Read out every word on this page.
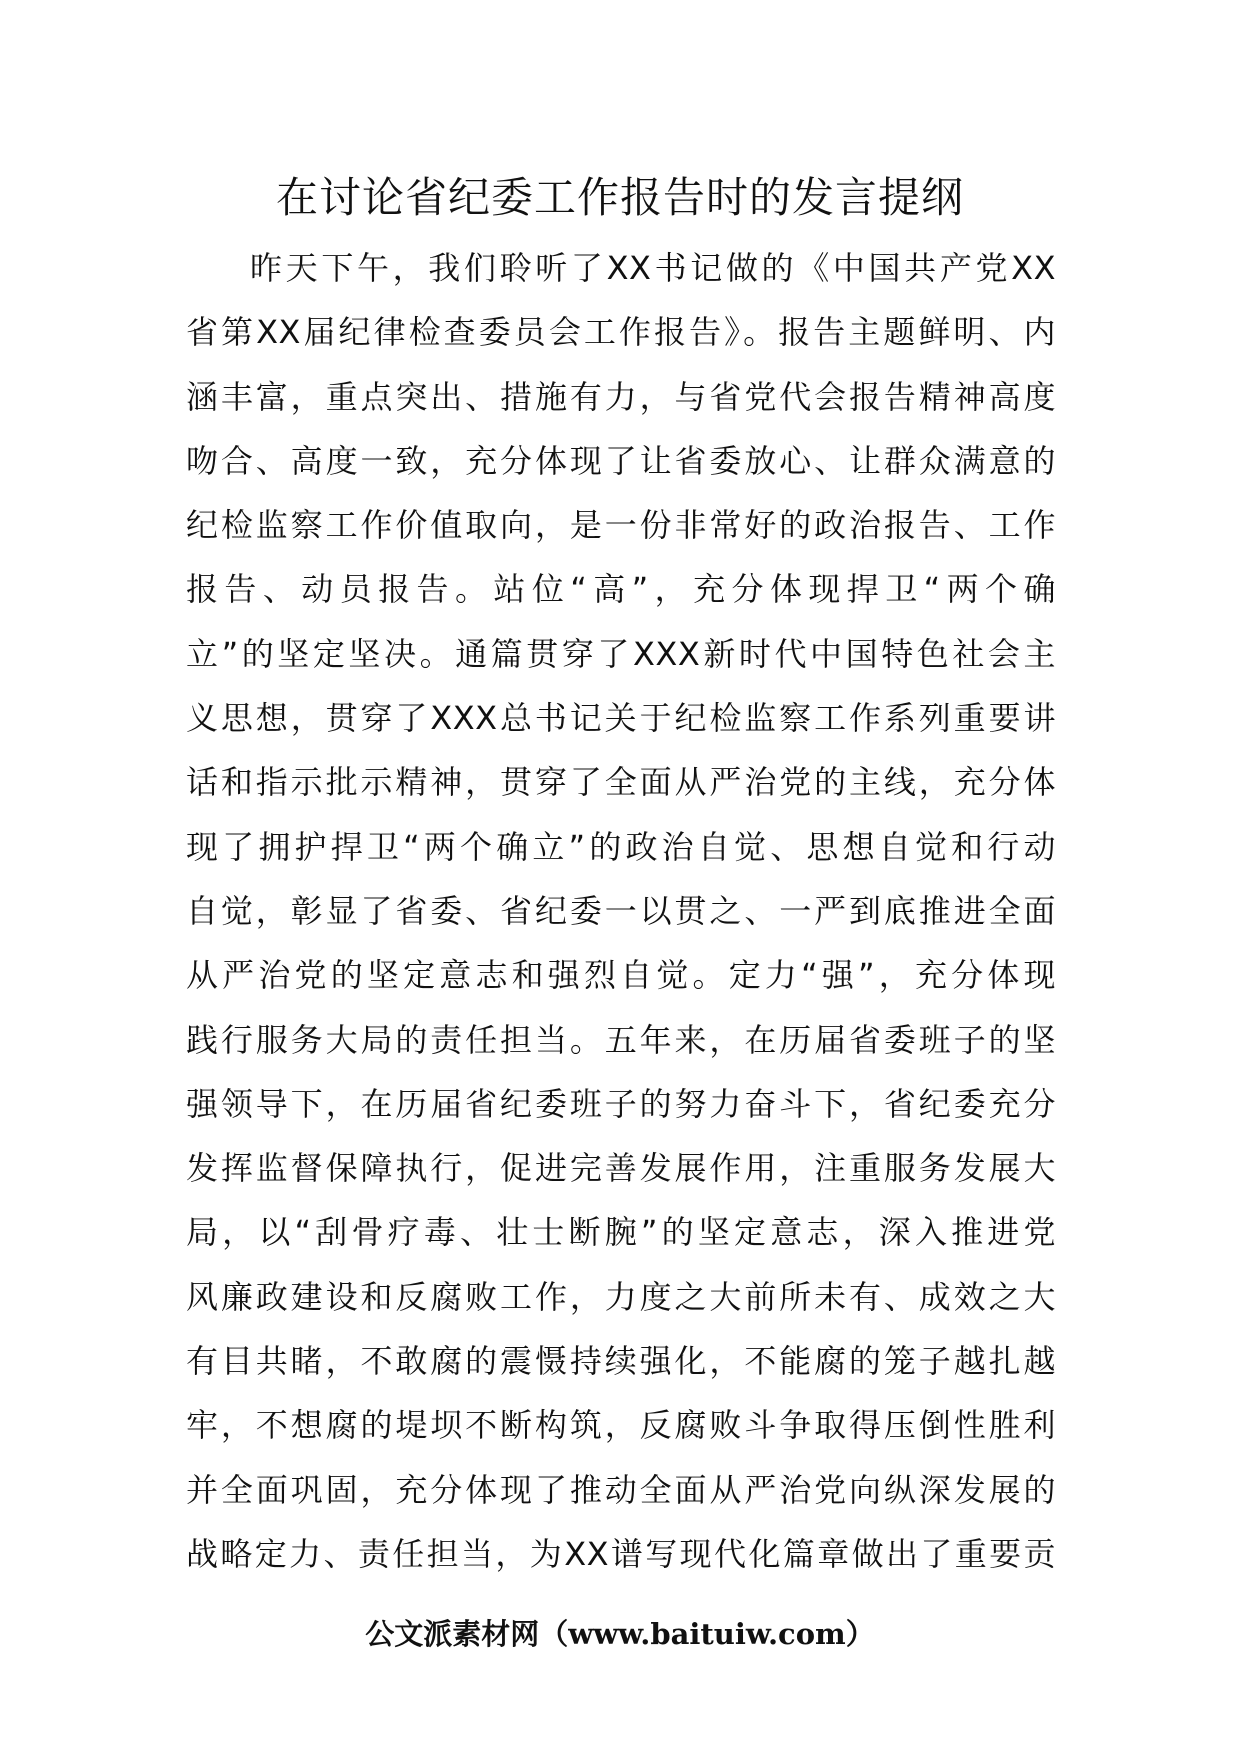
在讨论省纪委工作报告时的发言提纲
昨天下午，我们聆听了XX书记做的《中国共产党XX
省第XX届纪律检查委员会工作报告》。报告主题鲜明、内
涵丰富，重点突出、措施有力，与省党代会报告精神高度
吻合、高度一致，充分体现了让省委放心、让群众满意的
纪检监察工作价值取向，是一份非常好的政治报告、工作
报告、动员报告。站位“高”，充分体现捍卫“两个确
立”的坚定坚决。通篇贯穿了XXX新时代中国特色社会主
义思想，贯穿了XXX总书记关于纪检监察工作系列重要讲
话和指示批示精神，贯穿了全面从严治党的主线，充分体
现了拥护捍卫“两个确立”的政治自觉、思想自觉和行动
自觉，彰显了省委、省纪委一以贯之、一严到底推进全面
从严治党的坚定意志和强烈自觉。定力“强”，充分体现
践行服务大局的责任担当。五年来，在历届省委班子的坚
强领导下，在历届省纪委班子的努力奋斗下，省纪委充分
发挥监督保障执行，促进完善发展作用，注重服务发展大
局，以“刮骨疗毒、壮士断腕”的坚定意志，深入推进党
风廉政建设和反腐败工作，力度之大前所未有、成效之大
有目共睹，不敢腐的震慑持续强化，不能腐的笼子越扎越
牢，不想腐的堤坝不断构筑，反腐败斗争取得压倒性胜利
并全面巩固，充分体现了推动全面从严治党向纵深发展的
战略定力、责任担当，为XX谱写现代化篇章做出了重要贡
公文派素材网（www.baituiw.com）
